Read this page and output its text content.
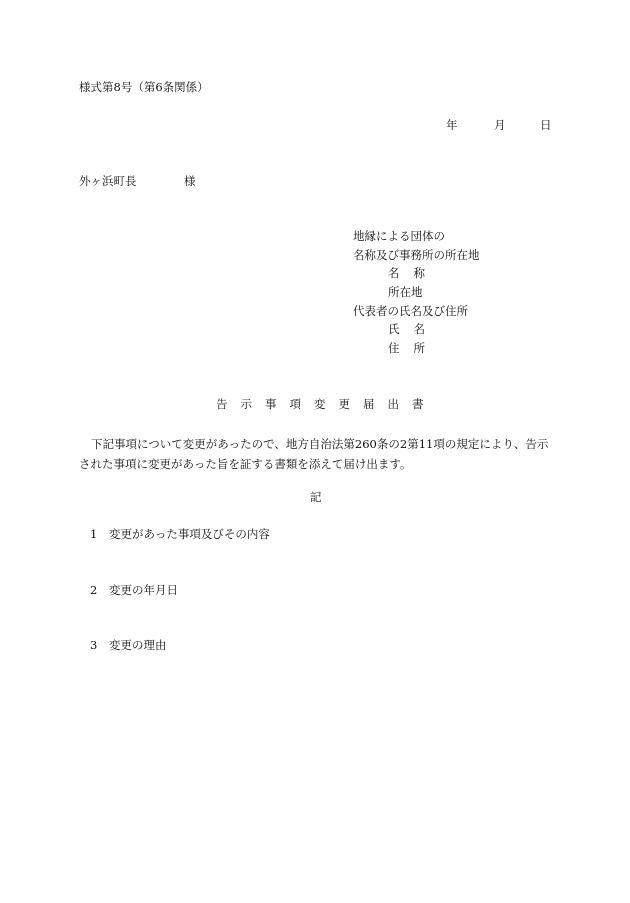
様式第8号（第6条関係）
年	月	日
外ヶ浜町長	様
地縁による団体の
名称及び事務所の所在地
名 称
所在地
代表者の氏名及び住所
氏 名
住 所
告示事項変更届出書
下記事項について変更があったので、地方自治法第260条の2第11項の規定により、告示された事項に変更があった旨を証する書類を添えて届け出ます。
記
1 変更があった事項及びその内容
2 変更の年月日
3 変更の理由
